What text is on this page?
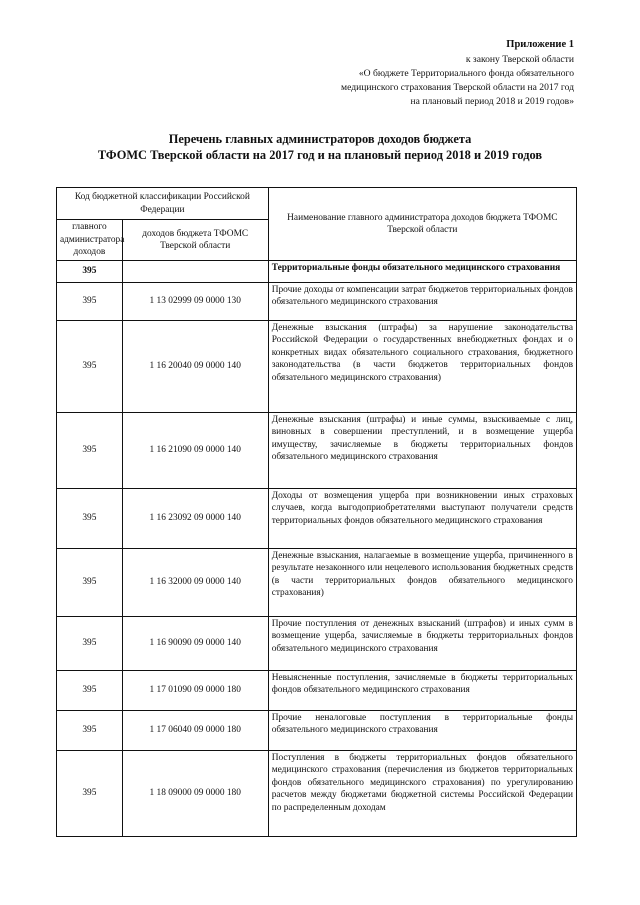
Приложение 1
к закону Тверской области
«О бюджете Территориального фонда обязательного
медицинского страхования Тверской области на 2017 год
на плановый период 2018 и 2019 годов»
Перечень главных администраторов доходов бюджета
ТФОМС Тверской области на 2017 год и на плановый период 2018 и 2019 годов
Код бюджетной классификации Российской Федерации		Наименование главного администратора доходов бюджета ТФОМС Тверской области
главного администратора доходов	доходов бюджета ТФОМС Тверской области	
395		Территориальные фонды обязательного медицинского страхования
395	1 13 02999 09 0000 130	Прочие доходы от компенсации затрат бюджетов территориальных фондов обязательного медицинского страхования
395	1 16 20040 09 0000 140	Денежные взыскания (штрафы) за нарушение законодательства Российской Федерации о государственных внебюджетных фондах и о конкретных видах обязательного социального страхования, бюджетного законодательства (в части бюджетов территориальных фондов обязательного медицинского страхования)
395	1 16 21090 09 0000 140	Денежные взыскания (штрафы) и иные суммы, взыскиваемые с лиц, виновных в совершении преступлений, и в возмещение ущерба имуществу, зачисляемые в бюджеты территориальных фондов обязательного медицинского страхования
395	1 16 23092 09 0000 140	Доходы от возмещения ущерба при возникновении иных страховых случаев, когда выгодоприобретателями выступают получатели средств территориальных фондов обязательного медицинского страхования
395	1 16 32000 09 0000 140	Денежные взыскания, налагаемые в возмещение ущерба, причиненного в результате незаконного или нецелевого использования бюджетных средств (в части территориальных фондов обязательного медицинского страхования)
395	1 16 90090 09 0000 140	Прочие поступления от денежных взысканий (штрафов) и иных сумм в возмещение ущерба, зачисляемые в бюджеты территориальных фондов обязательного медицинского страхования
395	1 17 01090 09 0000 180	Невыясненные поступления, зачисляемые в бюджеты территориальных фондов обязательного медицинского страхования
395	1 17 06040 09 0000 180	Прочие неналоговые поступления в территориальные фонды обязательного медицинского страхования
395	1 18 09000 09 0000 180	Поступления в бюджеты территориальных фондов обязательного медицинского страхования (перечисления из бюджетов территориальных фондов обязательного медицинского страхования) по урегулированию расчетов между бюджетами бюджетной системы Российской Федерации по распределенным доходам
